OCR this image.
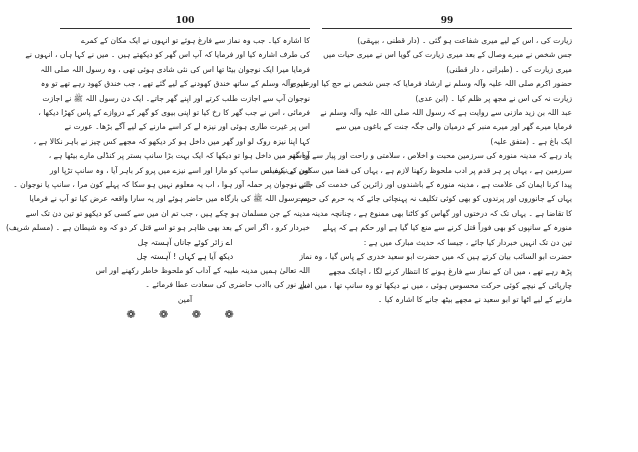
100
کا اشارہ کیا۔ جب وہ نماز سے فارغ ہوئے تو انہوں نے ایک مکان کے کمرے
کی طرف اشارہ کیا اور فرمایا کہ آپ اس گھر کو دیکھتے ہیں ۔ میں نے کہا ہاں ، انہوں نے
فرمایا میرا ایک نوجوان بیٹا تھا اس کی نئی شادی ہوئی تھی ، وہ رسول اللہ صلی اللہ
علیہ وآلہ وسلم کے ساتھ خندق کھودنے کے لیے گئے تھے ، جب خندق کھود رہے تھے تو وہ
نوجوان آپ سے اجازت طلب کرتے اور اپنے گھر جاتے۔ ایک دن رسول اللہ ﷺ نے اجازت
فرمائی ، اس نے جب گھر کا رخ کیا تو اپنی بیوی کو گھر کے دروازے کے پاس کھڑا دیکھا ،
اس پر غیرت طاری ہوئی اور نیزہ لے کر اسے مارنے کے لیے آگے بڑھا۔ عورت نے
کہا اپنا نیزہ روک لو اور گھر میں داخل ہو کر دیکھو کہ مجھے کس چیز نے باہر نکالا ہے ،
وہ گھر میں داخل ہوا تو دیکھا کہ ایک بہت بڑا سانپ بستر پر کنڈلی مارے بیٹھا ہے ،
اس نے نیزہ اس سانپ کو مارا اور اسے نیزے میں پرو کر باہر آیا ، وہ سانپ تڑپا اور
اس نوجوان پر حملہ آور ہوا ، اب یہ معلوم نہیں ہو سکا کہ پہلے کون مرا ، سانپ یا نوجوان ۔
ہم رسول اللہ ﷺ کی بارگاہ میں حاضر ہوئے اور یہ سارا واقعہ عرض کیا تو آپ نے فرمایا
مدینہ کے جن مسلمان ہو چکے ہیں ، جب تم ان میں سے کسی کو دیکھو تو تین دن تک اسے
خبردار کرو ، اگر اس کے بعد بھی ظاہر ہو تو اسے قتل کر دو کہ وہ شیطان ہے ۔ (مسلم شریف)
اے زائر کوئے جاناں آہستہ چل
دیکھ آیا ہے کہاں ! آہستہ چل
اللہ تعالیٰ ہمیں مدینہ طیبہ کے آداب کو ملحوظ خاطر رکھنے اور اس
دیار نور کی باادب حاضری کی سعادت عطا فرمائے ۔
آمین
❁ ❁ ❁ ❁
99
زیارت کی ، اس کے لیے میری شفاعت ہو گئی ۔ (دار قطنی ، بیہقی)
جس شخص نے میرے وصال کے بعد میری زیارت کی گویا اس نے میری حیات میں
میری زیارت کی ۔ (طبرانی ، دار قطنی)
حضور اکرم صلی اللہ علیہ وآلہ وسلم نے ارشاد فرمایا کہ جس شخص نے حج کیا اور میری
زیارت نہ کی اس نے مجھ پر ظلم کیا ۔ (ابن عدی)
عبد اللہ بن زید مازنی سے روایت ہے کہ رسول اللہ صلی اللہ علیہ وآلہ وسلم نے
فرمایا میرے گھر اور میرے منبر کے درمیان والی جگہ جنت کے باغوں میں سے
ایک باغ ہے ۔ (متفق علیہ)
یاد رہے کہ مدینہ منورہ کی سرزمین محبت و اخلاص ، سلامتی و راحت اور پیار سے آراستہ
سرزمین ہے ، یہاں پر ہر قدم پر ادب ملحوظ رکھنا لازم ہے ، یہاں کی فضا میں سکون کی کیفیت
پیدا کرنا ایمان کی علامت ہے ، مدینہ منورہ کے باشندوں اور زائرین کی خدمت کی جائے ،
یہاں کے جانوروں اور پرندوں کو بھی کوئی تکلیف نہ پہنچائی جائے کہ یہ حرم کی حرمت
کا تقاضا ہے ۔ یہاں تک کہ درختوں اور گھاس کو کاٹنا بھی ممنوع ہے ، چنانچہ مدینہ
منورہ کے سانپوں کو بھی فوراً قتل کرنے سے منع کیا گیا ہے اور حکم ہے کہ پہلے
تین دن تک انہیں خبردار کیا جائے ، جیسا کہ حدیث مبارک میں ہے :
حضرت ابو السائب بیان کرتے ہیں کہ میں حضرت ابو سعید خدری کے پاس گیا ، وہ نماز
پڑھ رہے تھے ، میں ان کے نماز سے فارغ ہونے کا انتظار کرنے لگا ، اچانک مجھے
چارپائی کے نیچے کوئی حرکت محسوس ہوئی ، میں نے دیکھا تو وہ سانپ تھا ، میں اسے
مارنے کے لیے اٹھا تو ابو سعید نے مجھے بیٹھ جانے کا اشارہ کیا ۔
